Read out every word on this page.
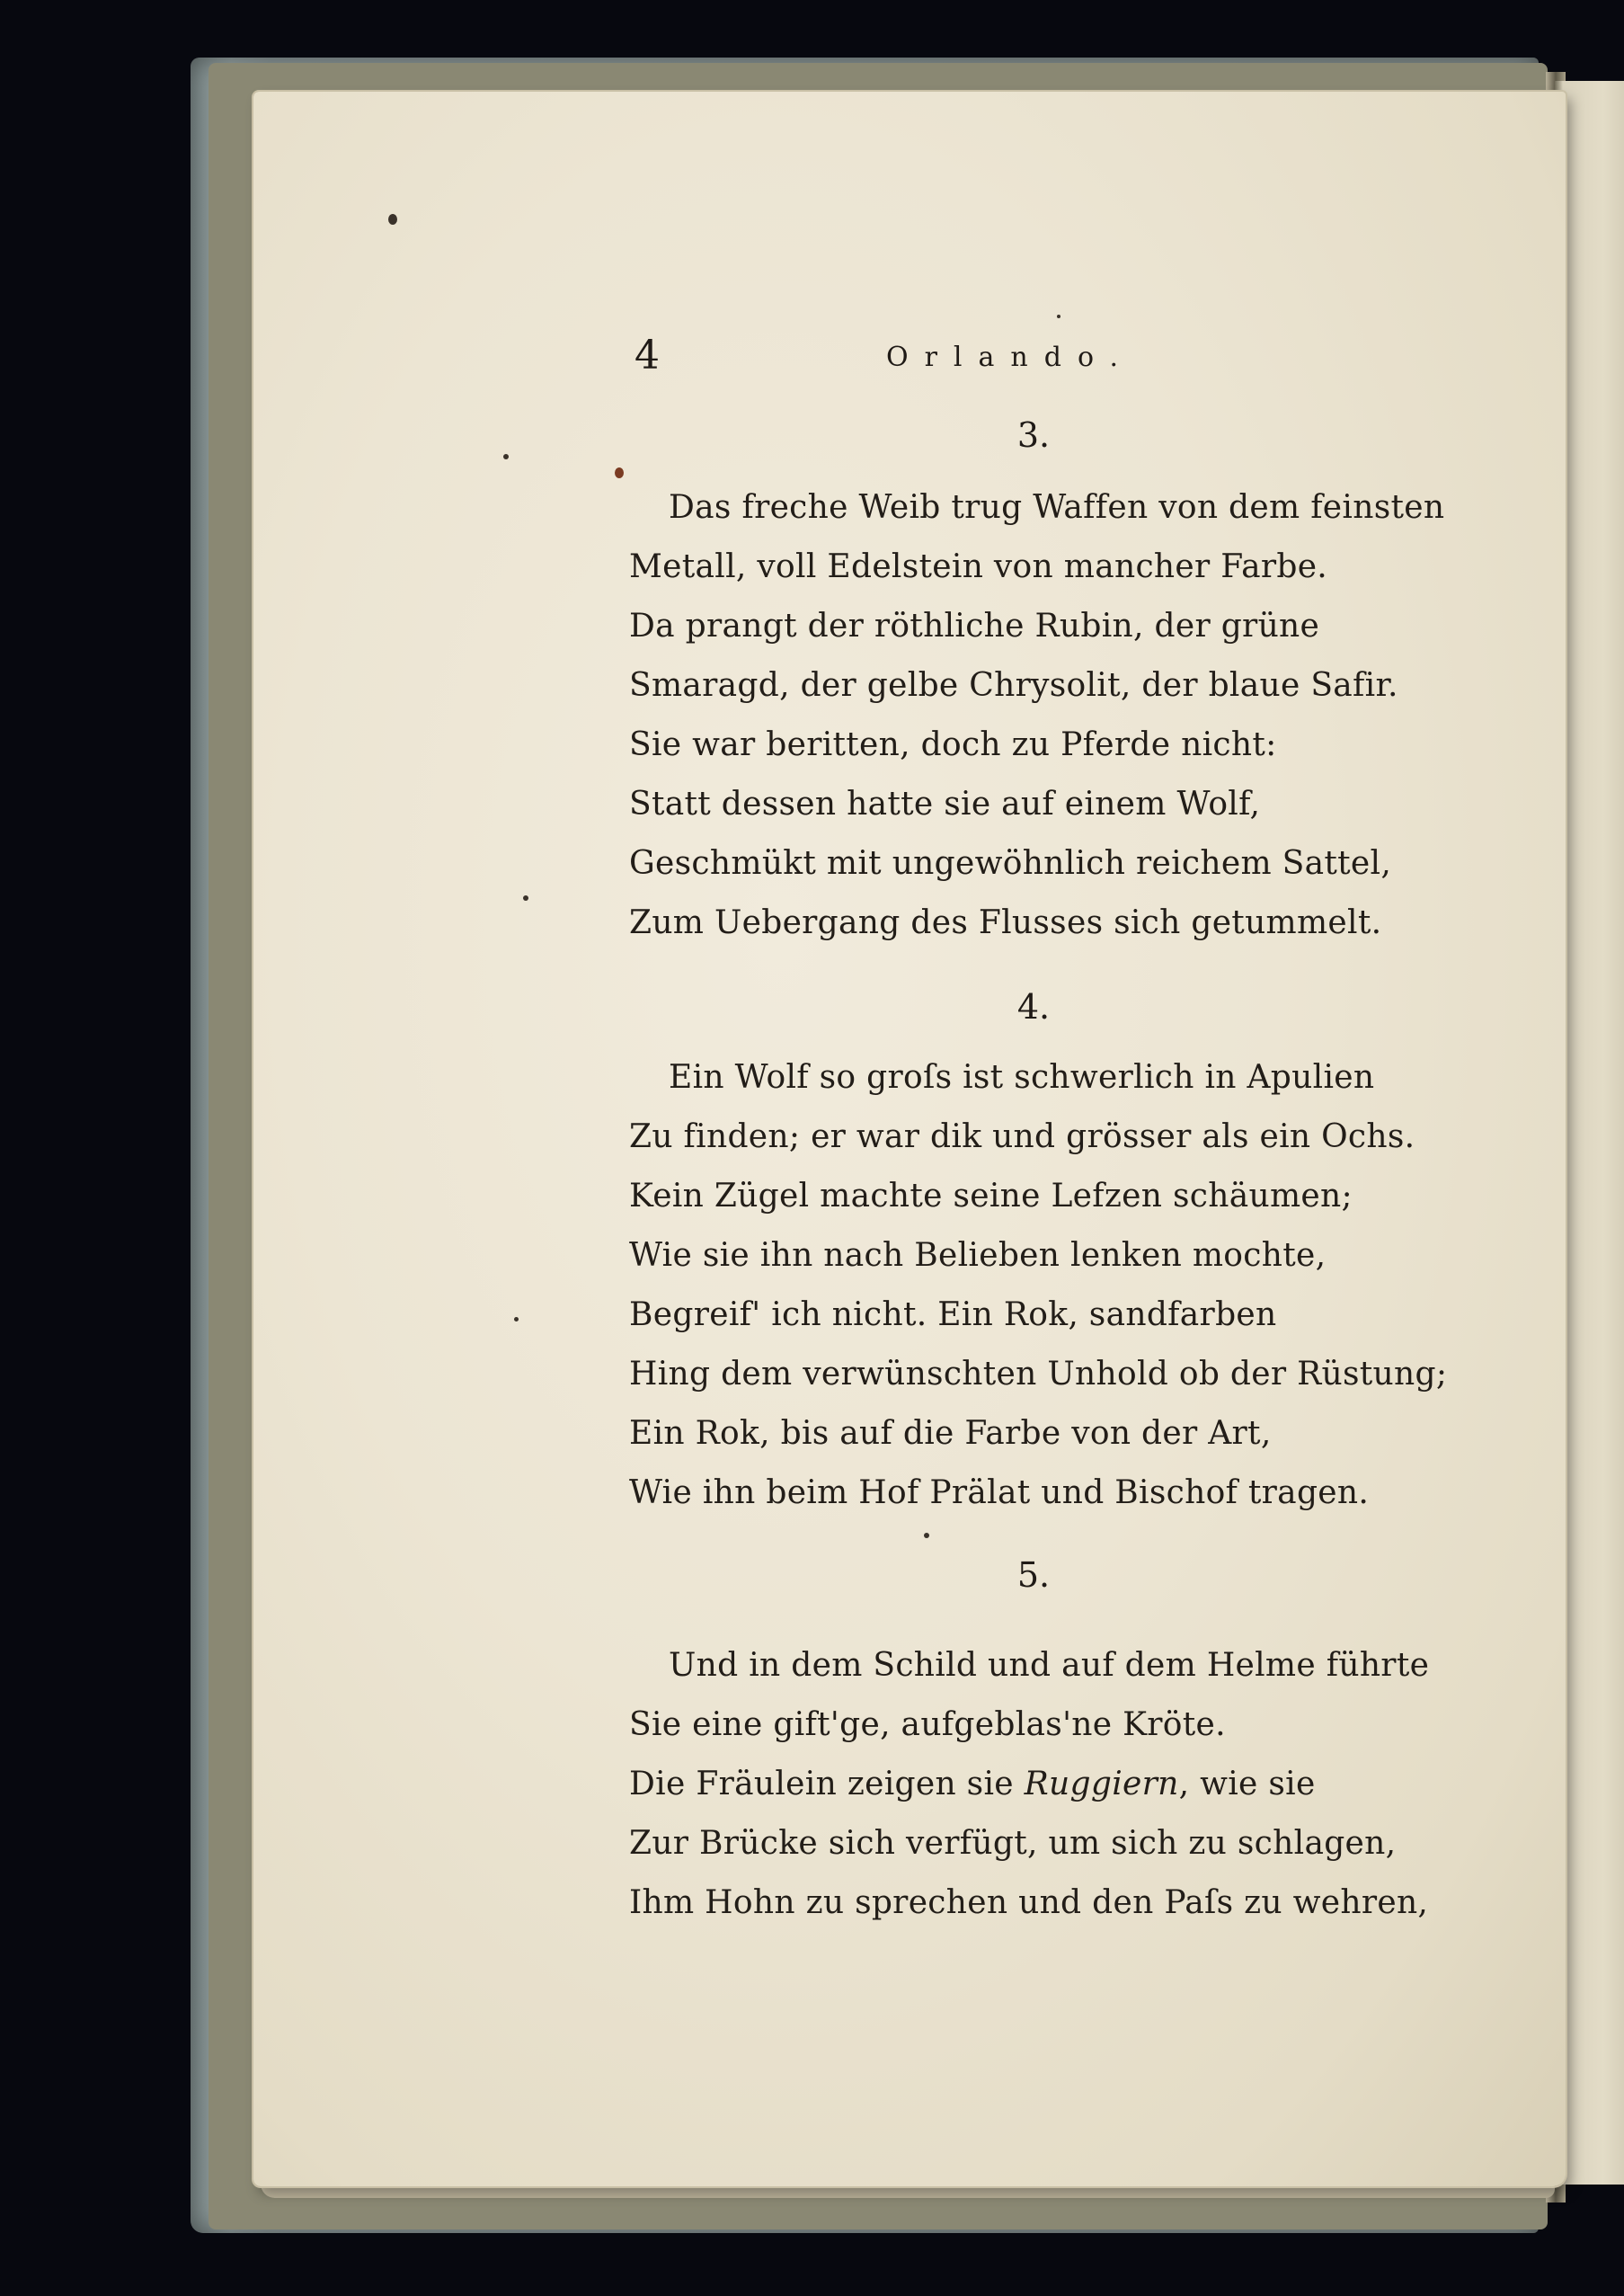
4	Orlando.
3.
Das freche Weib trug Waffen von dem feinsten
Metall, voll Edelstein von mancher Farbe.
Da prangt der röthliche Rubin, der grüne
Smaragd, der gelbe Chrysolit, der blaue Safir.
Sie war beritten, doch zu Pferde nicht:
Statt dessen hatte sie auf einem Wolf,
Geschmükt mit ungewöhnlich reichem Sattel,
Zum Uebergang des Flusses sich getummelt.
4.
Ein Wolf so groſs ist schwerlich in Apulien
Zu finden; er war dik und grösser als ein Ochs.
Kein Zügel machte seine Lefzen schäumen;
Wie sie ihn nach Belieben lenken mochte,
Begreif' ich nicht. Ein Rok, sandfarben
Hing dem verwünschten Unhold ob der Rüstung;
Ein Rok, bis auf die Farbe von der Art,
Wie ihn beim Hof Prälat und Bischof tragen.
5.
Und in dem Schild und auf dem Helme führte
Sie eine gift'ge, aufgeblas'ne Kröte.
Die Fräulein zeigen sie Ruggiern, wie sie
Zur Brücke sich verfügt, um sich zu schlagen,
Ihm Hohn zu sprechen und den Paſs zu wehren,
